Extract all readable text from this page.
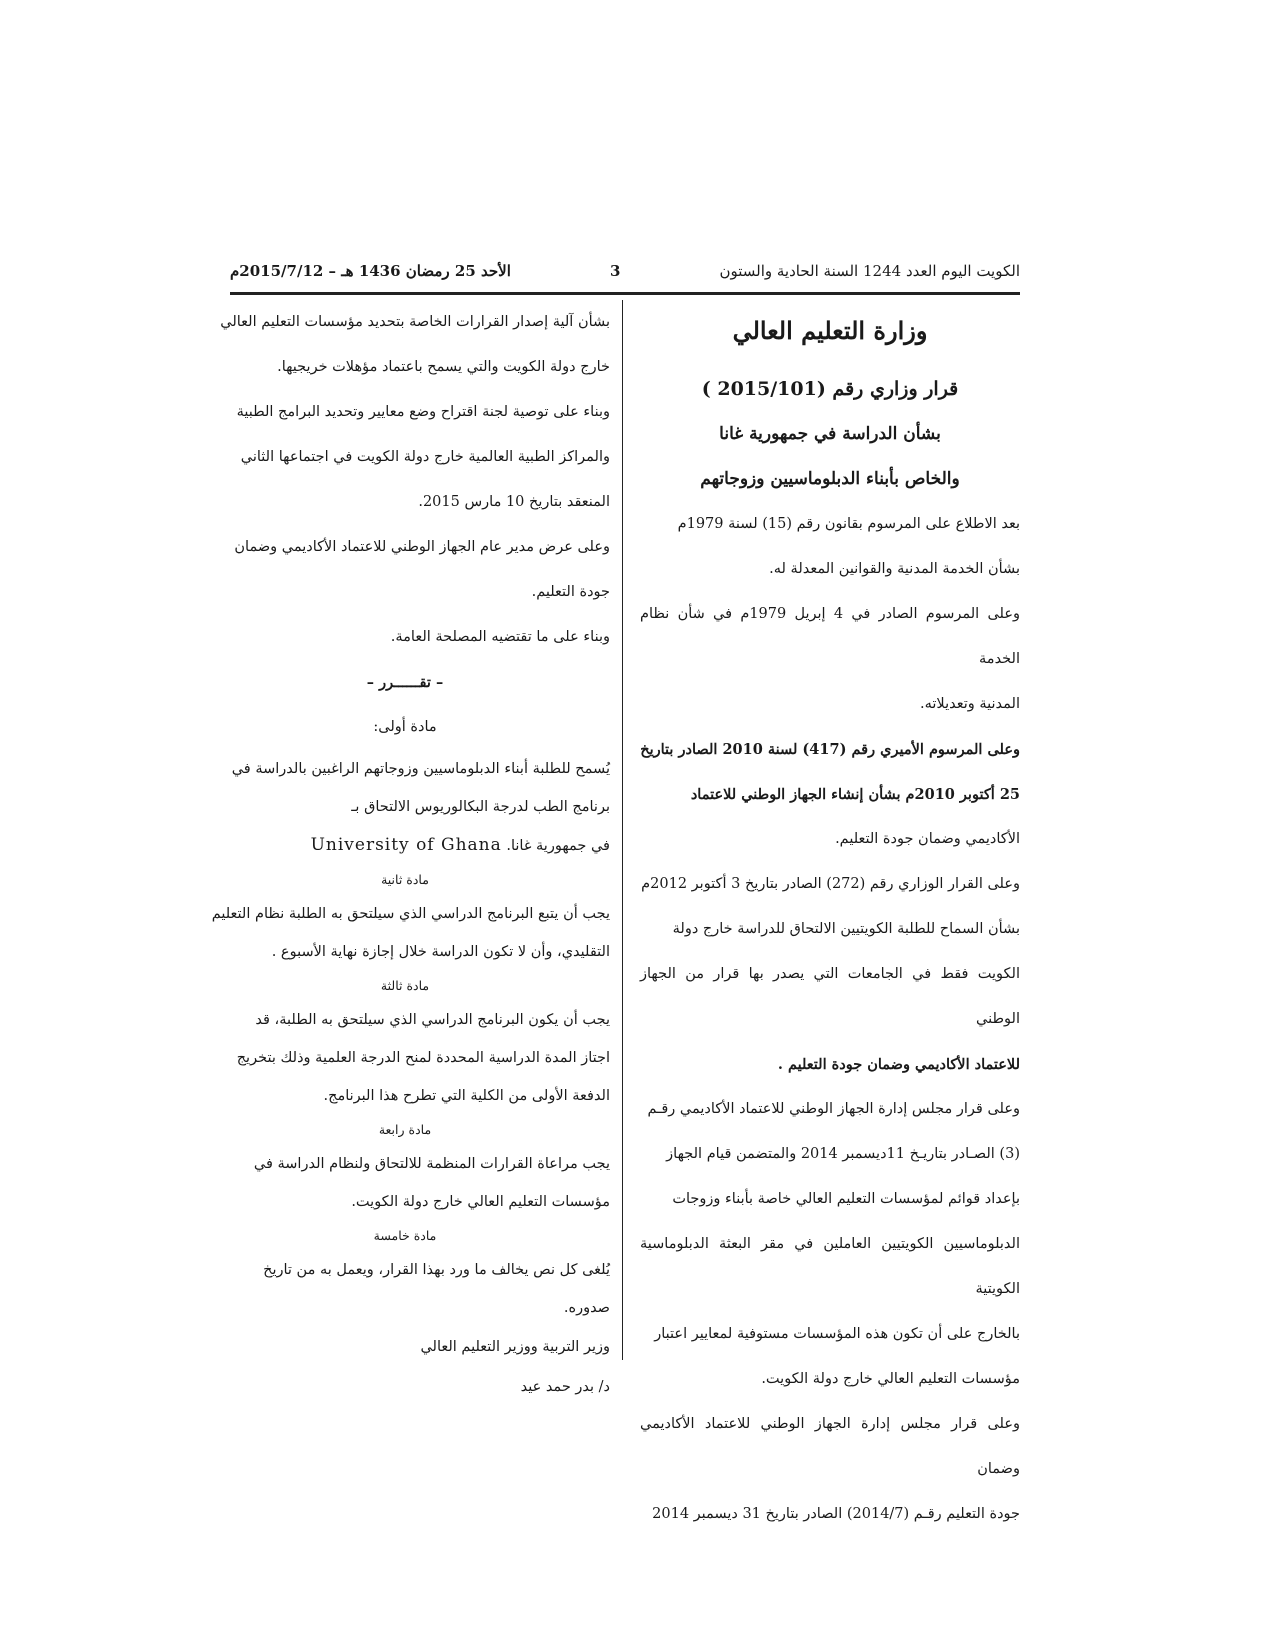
الكويت اليوم العدد 1244 السنة الحادية والستون
3
الأحد 25 رمضان 1436 هـ – 2015/7/12م

وزارة التعليم العالي

قرار وزاري رقم (2015/101 )

بشأن الدراسة في جمهورية غانا

والخاص بأبناء الدبلوماسيين وزوجاتهم

بعد الاطلاع على المرسوم بقانون رقم (15) لسنة 1979م

بشأن الخدمة المدنية والقوانين المعدلة له.

وعلى المرسوم الصادر في 4 إبريل 1979م في شأن نظام الخدمة

المدنية وتعديلاته.

وعلى المرسوم الأميري رقم (417) لسنة 2010 الصادر بتاريخ

25 أكتوبر 2010م بشأن إنشاء الجهاز الوطني للاعتماد

الأكاديمي وضمان جودة التعليم.

وعلى القرار الوزاري رقم (272) الصادر بتاريخ 3 أكتوبر 2012م

بشأن السماح للطلبة الكويتيين الالتحاق للدراسة خارج دولة

الكويت فقط في الجامعات التي يصدر بها قرار من الجهاز الوطني

للاعتماد الأكاديمي وضمان جودة التعليم .

وعلى قرار مجلس إدارة الجهاز الوطني للاعتماد الأكاديمي رقـم

(3) الصـادر بتاريـخ 11ديسمبر 2014 والمتضمن قيام الجهاز

بإعداد قوائم لمؤسسات التعليم العالي خاصة بأبناء وزوجات

الدبلوماسيين الكويتيين العاملين في مقر البعثة الدبلوماسية الكويتية

بالخارج على أن تكون هذه المؤسسات مستوفية لمعايير اعتبار

مؤسسات التعليم العالي خارج دولة الكويت.

وعلى قرار مجلس إدارة الجهاز الوطني للاعتماد الأكاديمي وضمان

جودة التعليم رقـم (2014/7) الصادر بتاريخ 31 ديسمبر 2014

بشأن آلية إصدار القرارات الخاصة بتحديد مؤسسات التعليم العالي

خارج دولة الكويت والتي يسمح باعتماد مؤهلات خريجيها.

وبناء على توصية لجنة اقتراح وضع معايير وتحديد البرامج الطبية

والمراكز الطبية العالمية خارج دولة الكويت في اجتماعها الثاني

المنعقد بتاريخ 10 مارس 2015.

وعلى عرض مدير عام الجهاز الوطني للاعتماد الأكاديمي وضمان

جودة التعليم.

وبناء على ما تقتضيه المصلحة العامة.

– تقــــــرر –

مادة أولى:

يُسمح للطلبة أبناء الدبلوماسيين وزوجاتهم الراغبين بالدراسة في

برنامج الطب لدرجة البكالوريوس الالتحاق بـ

في جمهورية غانا. University of Ghana

مادة ثانية

يجب أن يتبع البرنامج الدراسي الذي سيلتحق به الطلبة نظام التعليم

التقليدي، وأن لا تكون الدراسة خلال إجازة نهاية الأسبوع .

مادة ثالثة

يجب أن يكون البرنامج الدراسي الذي سيلتحق به الطلبة، قد

اجتاز المدة الدراسية المحددة لمنح الدرجة العلمية وذلك بتخريج

الدفعة الأولى من الكلية التي تطرح هذا البرنامج.

مادة رابعة

يجب مراعاة القرارات المنظمة للالتحاق ولنظام الدراسة في

مؤسسات التعليم العالي خارج دولة الكويت.

مادة خامسة

يُلغى كل نص يخالف ما ورد بهذا القرار، ويعمل به من تاريخ

صدوره.

وزير التربية ووزير التعليم العالي

د/ بدر حمد عيد
